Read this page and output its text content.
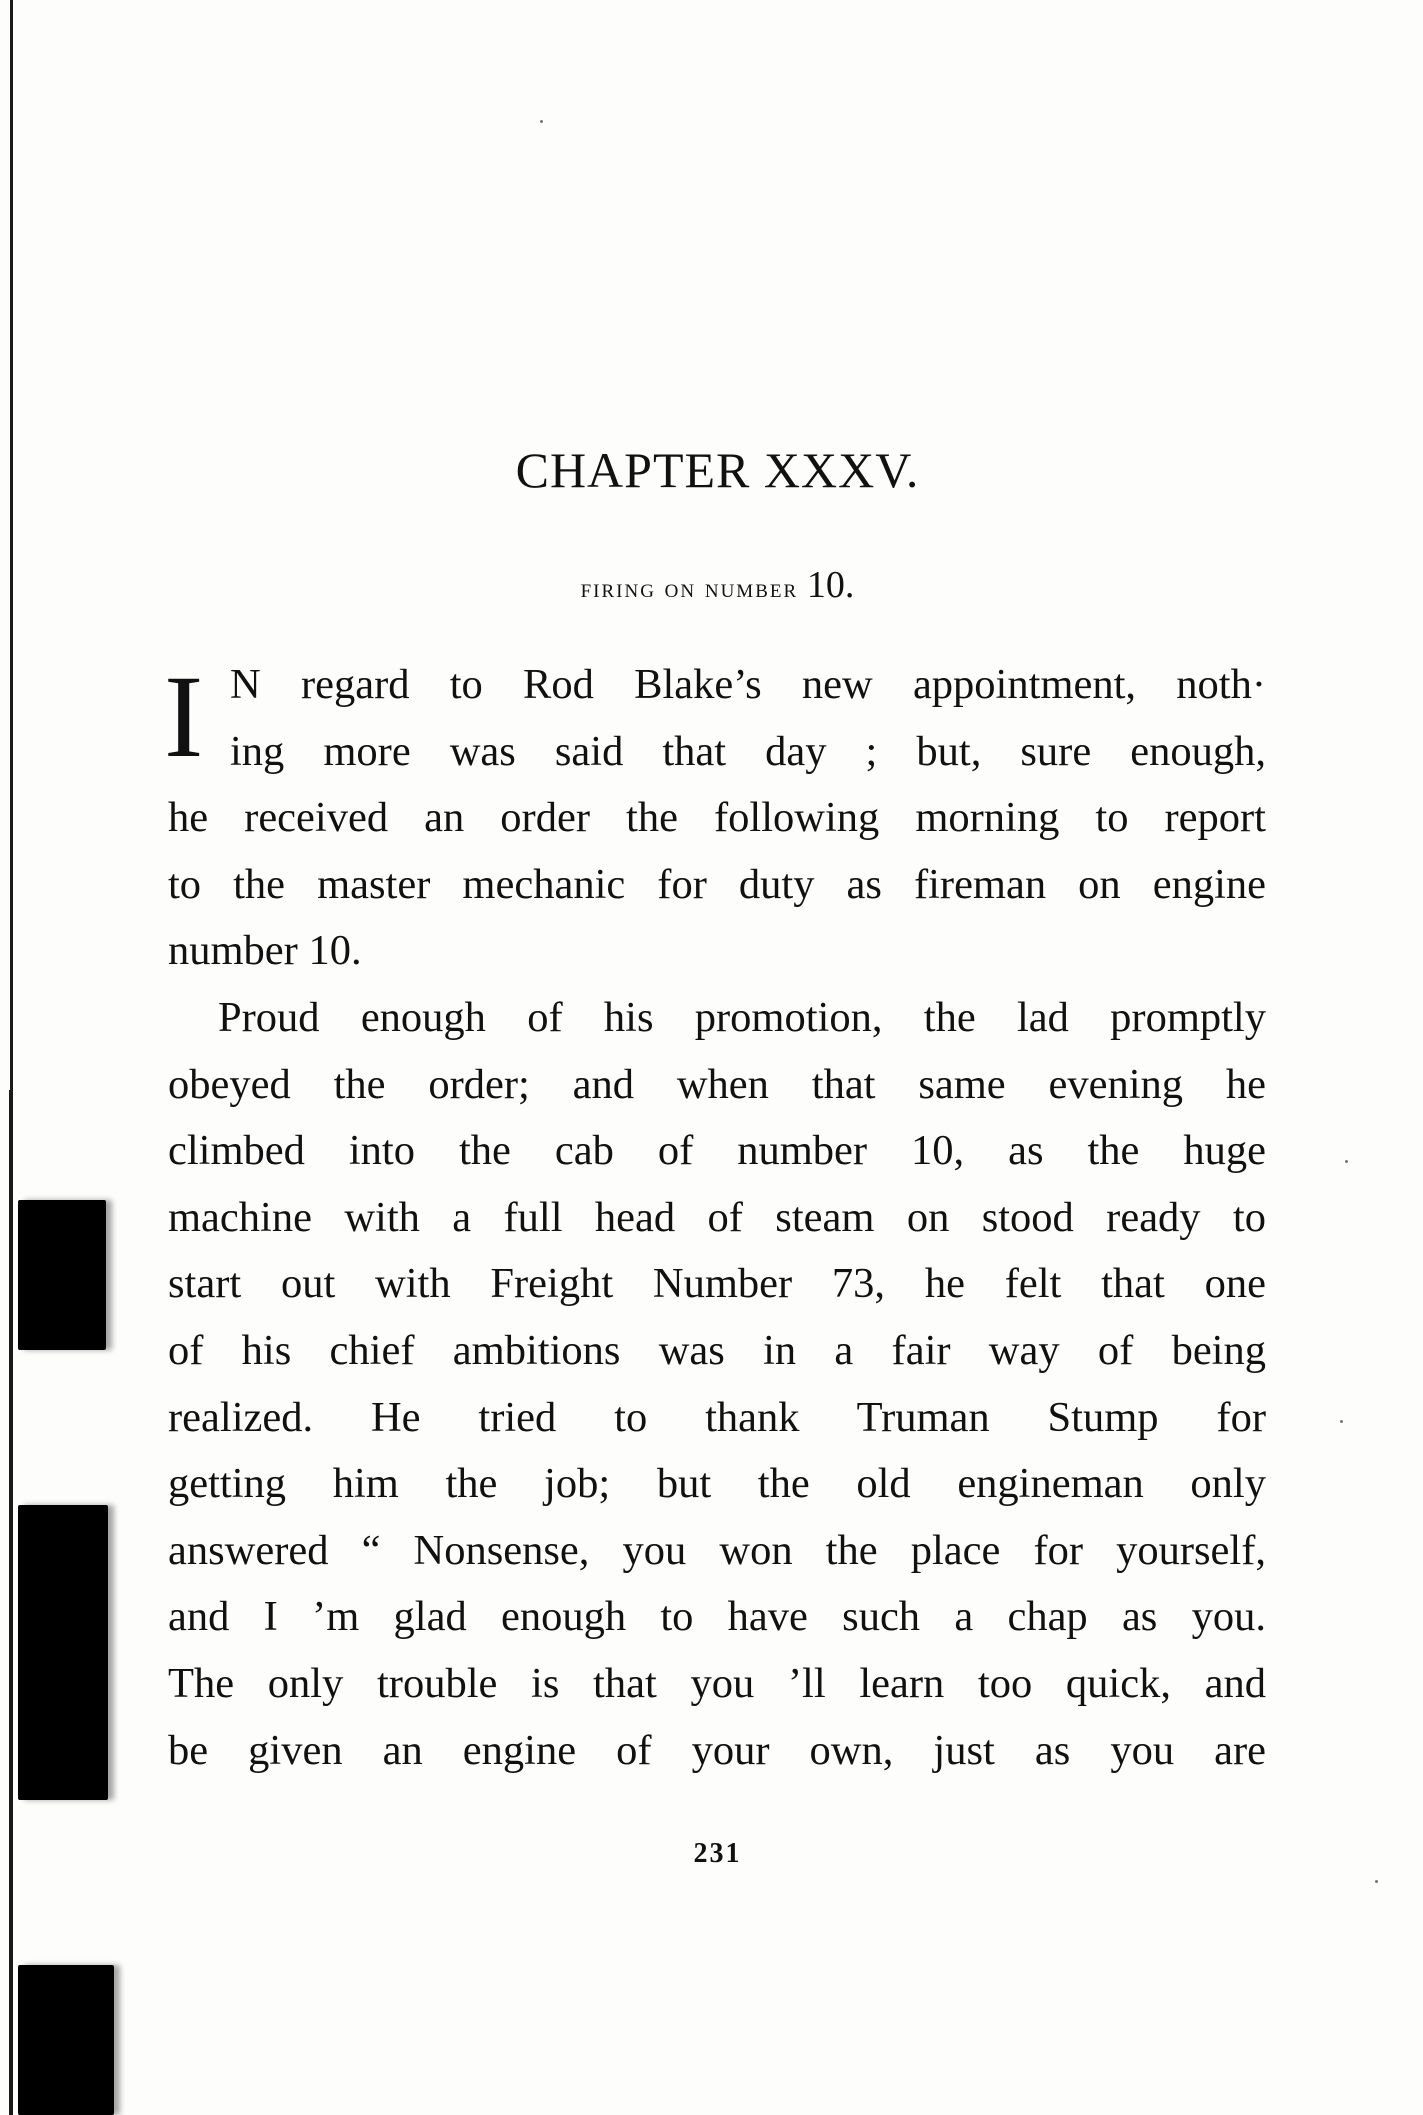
CHAPTER XXXV.
firing on number 10.
I N regard to Rod Blake’s new appointment, noth·
ing more was said that day ; but, sure enough,
he received an order the following morning to report
to the master mechanic for duty as fireman on engine
number 10.
Proud enough of his promotion, the lad promptly
obeyed the order; and when that same evening he
climbed into the cab of number 10, as the huge
machine with a full head of steam on stood ready to
start out with Freight Number 73, he felt that one
of his chief ambitions was in a fair way of being
realized. He tried to thank Truman Stump for
getting him the job; but the old engineman only
answered “ Nonsense, you won the place for yourself,
and I ’m glad enough to have such a chap as you.
The only trouble is that you ’ll learn too quick, and
be given an engine of your own, just as you are
231
